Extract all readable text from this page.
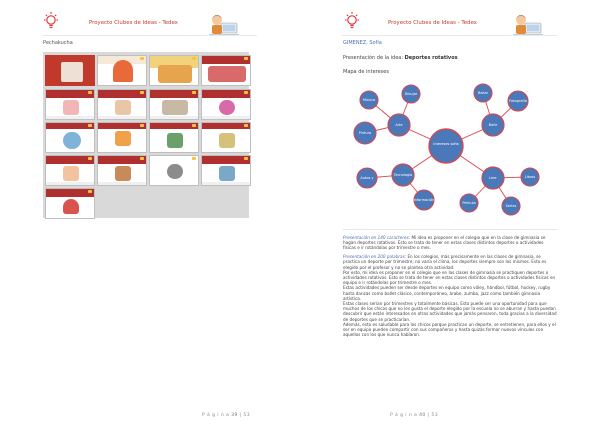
Proyecto Clubes de Ideas - Tedex
Pechakucha
P á g i n a 39 | 53
Proyecto Clubes de Ideas - Tedex
P á g i n a 40 | 53
GIMENEZ, Sofía
Presentación de la idea: Deportes rotativos
Mapa de intereses
Intereses sofia
Arte
Música
Dibujar
Pintura
Baile
Bailar
Fotografía
Tecnología
Autos y
Información
Leer	Libros
Series
Película

Presentación en 140 caracteres: Mi idea es proponer en el colegio que en la clase de gimnasia se hagan deportes rotativos. Esto se trata de tener en estas clases distintos deportes o actividades físicas e ir rotándolas por trimestre o mes.

Presentación en 200 palabras: En los colegios, más precisamente en las clases de gimnasia, se practica un deporte por trimestre; no varía el clima, los deportes siempre son los mismos. Esto es elegido por el profesor y no se plantea otra actividad.

Por esto, mi idea es proponer en el colegio que en las clases de gimnasia se practiquen deportes o actividades rotativas. Esto se trata de tener en estas clases distintos deportes o actividades físicas en equipo e ir rotándolas por trimestre o mes.

Estas actividades pueden ser desde deportes en equipo como vóley, hándbol, fútbol, hockey, rugby hasta danzas como ballet clásico, contemporáneo, árabe, zumba, jazz como también gimnasia artística.

Estas clases serían por trimestres y totalmente básicas. Esto puede ser una oportunidad para que muchos de los chicos que no les gusta el deporte elegido por la escuela no se aburran y hasta puedan descubrir que están interesados en otras actividades que jamás pensaron, toda gracias a la diversidad de deportes que se practicarían.

Además, esto es saludable para los chicos porque practican un deporte, se entretienen, para ellos y el ser en equipo pueden compartir con sus compañeros y hasta quizás formar nuevos vínculos con aquellos con los que nunca hablaron.
